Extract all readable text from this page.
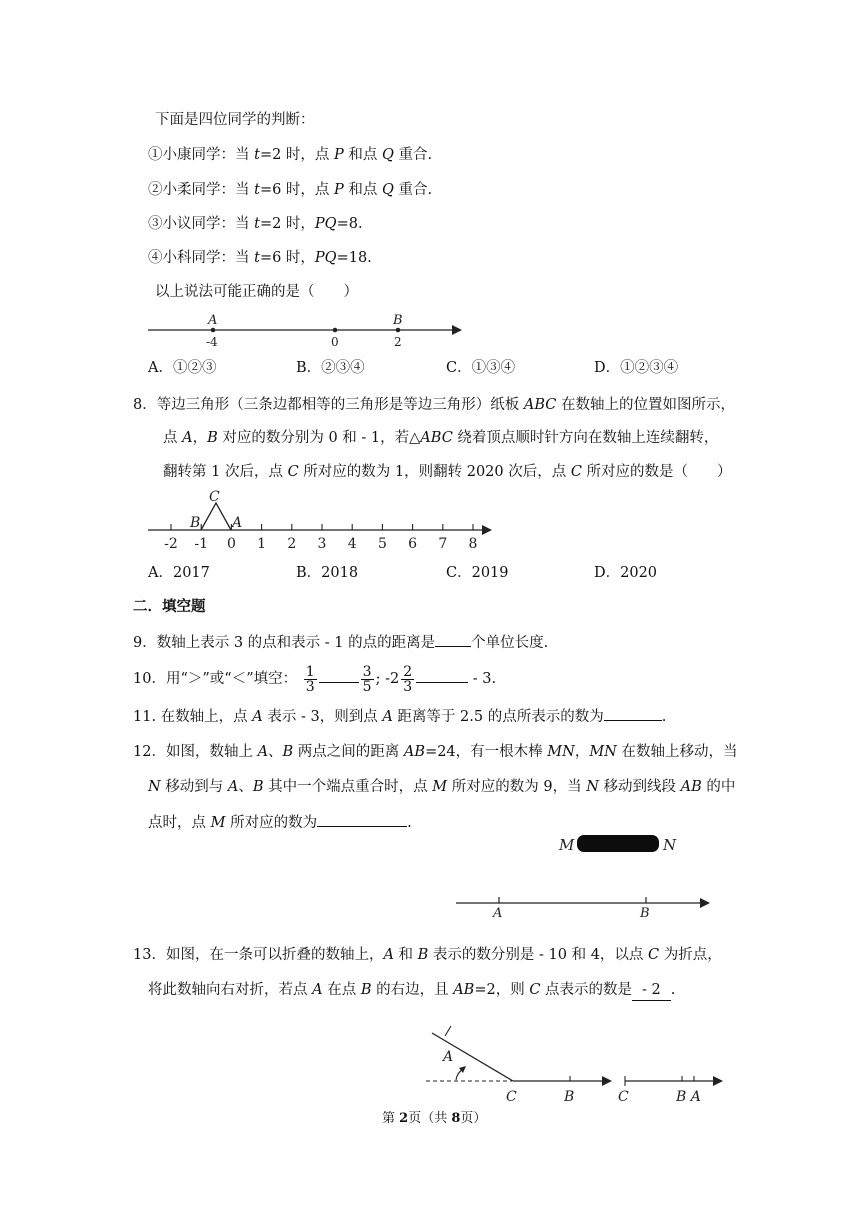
下面是四位同学的判断：
①小康同学：当 t=2 时，点 P 和点 Q 重合.
②小柔同学：当 t=6 时，点 P 和点 Q 重合.
③小议同学：当 t=2 时，PQ=8.
④小科同学：当 t=6 时，PQ=18.
以上说法可能正确的是（　　）
A	B
-4	0	2
A．①②③	B．②③④	C．①③④	D．①②③④
8．等边三角形（三条边都相等的三角形是等边三角形）纸板 ABC 在数轴上的位置如图所示，
点 A，B 对应的数分别为 0 和 - 1，若△ABC 绕着顶点顺时针方向在数轴上连续翻转，
翻转第 1 次后，点 C 所对应的数为 1，则翻转 2020 次后，点 C 所对应的数是（　　）
-2 -1 0 1 2 3 4 5 6 7 8
C
B A
A．2017	B．2018	C．2019	D．2020
二．填空题
9．数轴上表示 3 的点和表示 - 1 的点的距离是 个单位长度.
10．用“＞”或“＜”填空： $\frac{1}{3}$	$\frac{3}{5}$ ; $-2 \frac{2}{3}$	- 3.
11. 在数轴上，点 A 表示 - 3，则到点 A 距离等于 2.5 的点所表示的数为	.
12．如图，数轴上 A、B 两点之间的距离 AB=24，有一根木棒 MN，MN 在数轴上移动，当
N 移动到与 A、B 其中一个端点重合时，点 M 所对应的数为 9，当 N 移动到线段 AB 的中
点时，点 M 所对应的数为	.
M	N
A	B
13．如图，在一条可以折叠的数轴上，A 和 B 表示的数分别是 - 10 和 4，以点 C 为折点，
将此数轴向右对折，若点 A 在点 B 的右边，且 AB=2，则 C 点表示的数是 - 2 .
A
C	B	C	B A
第 2页（共 8页）
